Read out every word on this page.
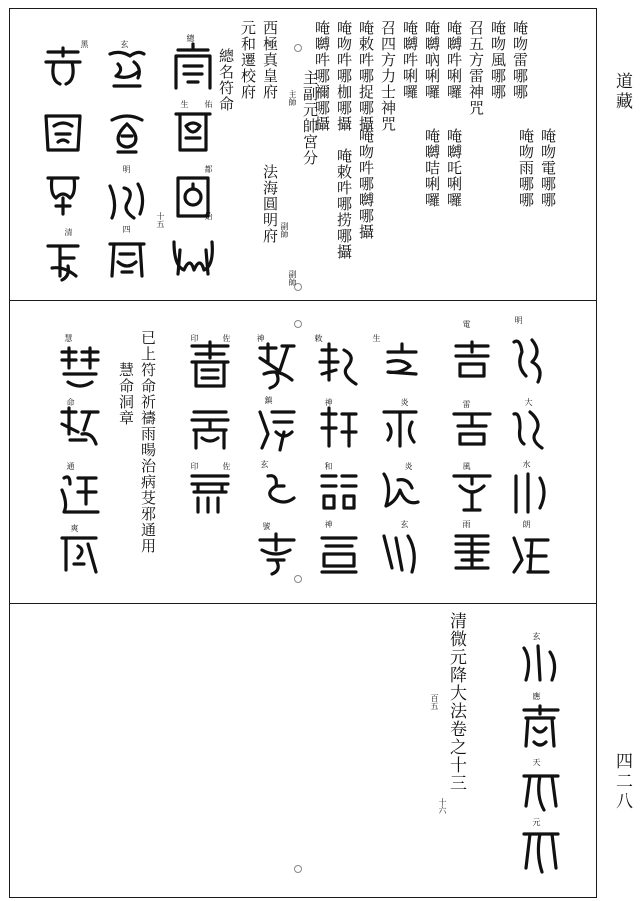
道藏
四二八
唵吻雷哪哪
唵吻風哪哪
召五方雷神咒
唵嚩吽唎囉
唵嚩吶唎囉
唵嚩吽唎囉
召四方力士神咒
唵敕吽哪捉哪攝
唵吻吽哪枷哪攝
唵嚩吽哪禰哪攝
主副元帥宮分
西極真皇府
元和遷校府
總名符命
唵吻電哪哪
唵吻雨哪哪
唵嚩吒唎囉
唵嚩咭唎囉
唵吻吽哪嚩哪攝
唵敕吽哪捞哪攝
法海圓明府
主帥
副帥
副帥
總
佑
始
玄
生
明	都
四
黑
清
十五
已上符命祈禱雨暘治病芟邪通用
慧命洞章
明
大
水
朗
電
雷
風
雨
生
炎
炎
玄
敕
神
和
神
神
鎮
玄
號
印	佐
印	佐
慧
命
通
爽
清微元降大法卷之十三	玄
應
天
元
百五
十六
